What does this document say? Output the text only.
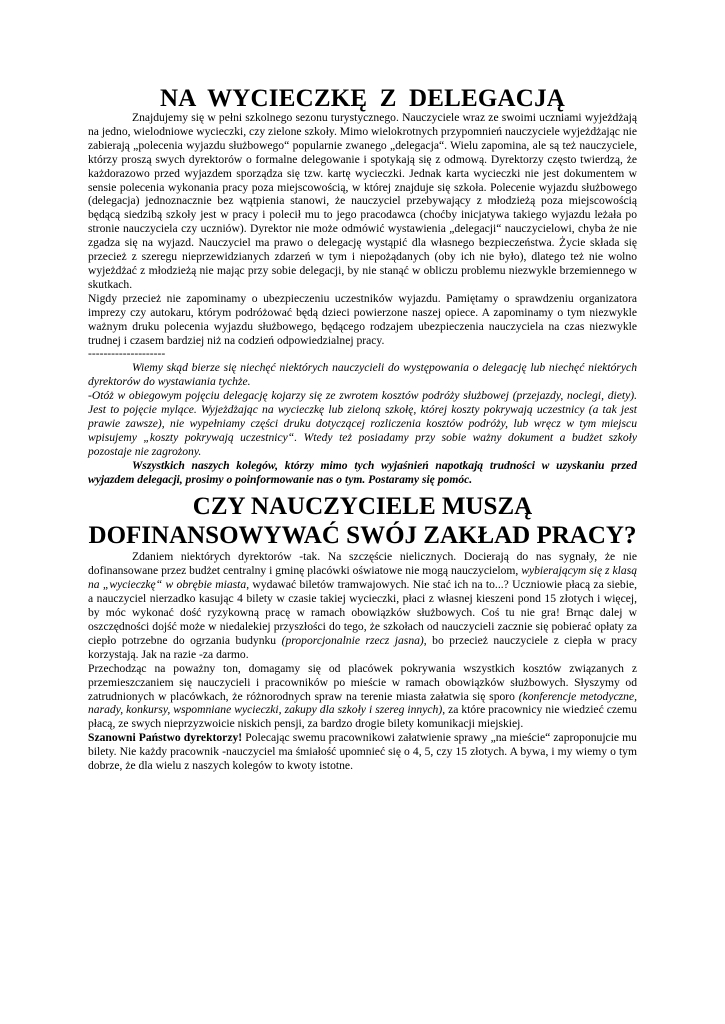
NA WYCIECZKĘ Z DELEGACJĄ

Znajdujemy się w pełni szkolnego sezonu turystycznego. Nauczyciele wraz ze swoimi uczniami wyjeżdżają na jedno, wielodniowe wycieczki, czy zielone szkoły. Mimo wielokrotnych przypomnień nauczyciele wyjeżdżając nie zabierają „polecenia wyjazdu służbowego“ popularnie zwanego „delegacja“. Wielu zapomina, ale są też nauczyciele, którzy proszą swych dyrektorów o formalne delegowanie i spotykają się z odmową. Dyrektorzy często twierdzą, że każdorazowo przed wyjazdem sporządza się tzw. kartę wycieczki. Jednak karta wycieczki nie jest dokumentem w sensie polecenia wykonania pracy poza miejscowością, w której znajduje się szkoła. Polecenie wyjazdu służbowego (delegacja) jednoznacznie bez wątpienia stanowi, że nauczyciel przebywający z młodzieżą poza miejscowością będącą siedzibą szkoły jest w pracy i polecił mu to jego pracodawca (choćby inicjatywa takiego wyjazdu leżała po stronie nauczyciela czy uczniów). Dyrektor nie może odmówić wystawienia „delegacji“ nauczycielowi, chyba że nie zgadza się na wyjazd. Nauczyciel ma prawo o delegację wystąpić dla własnego bezpieczeństwa. Życie składa się przecież z szeregu nieprzewidzianych zdarzeń w tym i niepożądanych (oby ich nie było), dlatego też nie wolno wyjeżdżać z młodzieżą nie mając przy sobie delegacji, by nie stanąć w obliczu problemu niezwykle brzemiennego w skutkach.

Nigdy przecież nie zapominamy o ubezpieczeniu uczestników wyjazdu. Pamiętamy o sprawdzeniu organizatora imprezy czy autokaru, którym podróżować będą dzieci powierzone naszej opiece. A zapominamy o tym niezwykle ważnym druku polecenia wyjazdu służbowego, będącego rodzajem ubezpieczenia nauczyciela na czas niezwykle trudnej i czasem bardziej niż na codzień odpowiedzialnej pracy.

--------------------

Wiemy skąd bierze się niechęć niektórych nauczycieli do występowania o delegację lub niechęć niektórych dyrektorów do wystawiania tychże.

-Otóż w obiegowym pojęciu delegację kojarzy się ze zwrotem kosztów podróży służbowej (przejazdy, noclegi, diety). Jest to pojęcie mylące. Wyjeżdżając na wycieczkę lub zieloną szkołę, której koszty pokrywają uczestnicy (a tak jest prawie zawsze), nie wypełniamy części druku dotyczącej rozliczenia kosztów podróży, lub wręcz w tym miejscu wpisujemy „koszty pokrywają uczestnicy“. Wtedy też posiadamy przy sobie ważny dokument a budżet szkoły pozostaje nie zagrożony.

Wszystkich naszych kolegów, którzy mimo tych wyjaśnień napotkają trudności w uzyskaniu przed wyjazdem delegacji, prosimy o poinformowanie nas o tym. Postaramy się pomóc.

CZY NAUCZYCIELE MUSZĄ
DOFINANSOWYWAĆ SWÓJ ZAKŁAD PRACY?

Zdaniem niektórych dyrektorów -tak. Na szczęście nielicznych. Docierają do nas sygnały, że nie dofinansowane przez budżet centralny i gminę placówki oświatowe nie mogą nauczycielom, wybierającym się z klasą na „wycieczkę“ w obrębie miasta, wydawać biletów tramwajowych. Nie stać ich na to...? Uczniowie płacą za siebie, a nauczyciel nierzadko kasując 4 bilety w czasie takiej wycieczki, płaci z własnej kieszeni pond 15 złotych i więcej, by móc wykonać dość ryzykowną pracę w ramach obowiązków służbowych. Coś tu nie gra! Brnąc dalej w oszczędności dojść może w niedalekiej przyszłości do tego, że szkołach od nauczycieli zacznie się pobierać opłaty za ciepło potrzebne do ogrzania budynku (proporcjonalnie rzecz jasna), bo przecież nauczyciele z ciepła w pracy korzystają. Jak na razie -za darmo.

Przechodząc na poważny ton, domagamy się od placówek pokrywania wszystkich kosztów związanych z przemieszczaniem się nauczycieli i pracowników po mieście w ramach obowiązków służbowych. Słyszymy od zatrudnionych w placówkach, że różnorodnych spraw na terenie miasta załatwia się sporo (konferencje metodyczne, narady, konkursy, wspomniane wycieczki, zakupy dla szkoły i szereg innych), za które pracownicy nie wiedzieć czemu płacą, ze swych nieprzyzwoicie niskich pensji, za bardzo drogie bilety komunikacji miejskiej.

Szanowni Państwo dyrektorzy! Polecając swemu pracownikowi załatwienie sprawy „na mieście“ zaproponujcie mu bilety. Nie każdy pracownik -nauczyciel ma śmiałość upomnieć się o 4, 5, czy 15 złotych. A bywa, i my wiemy o tym dobrze, że dla wielu z naszych kolegów to kwoty istotne.
